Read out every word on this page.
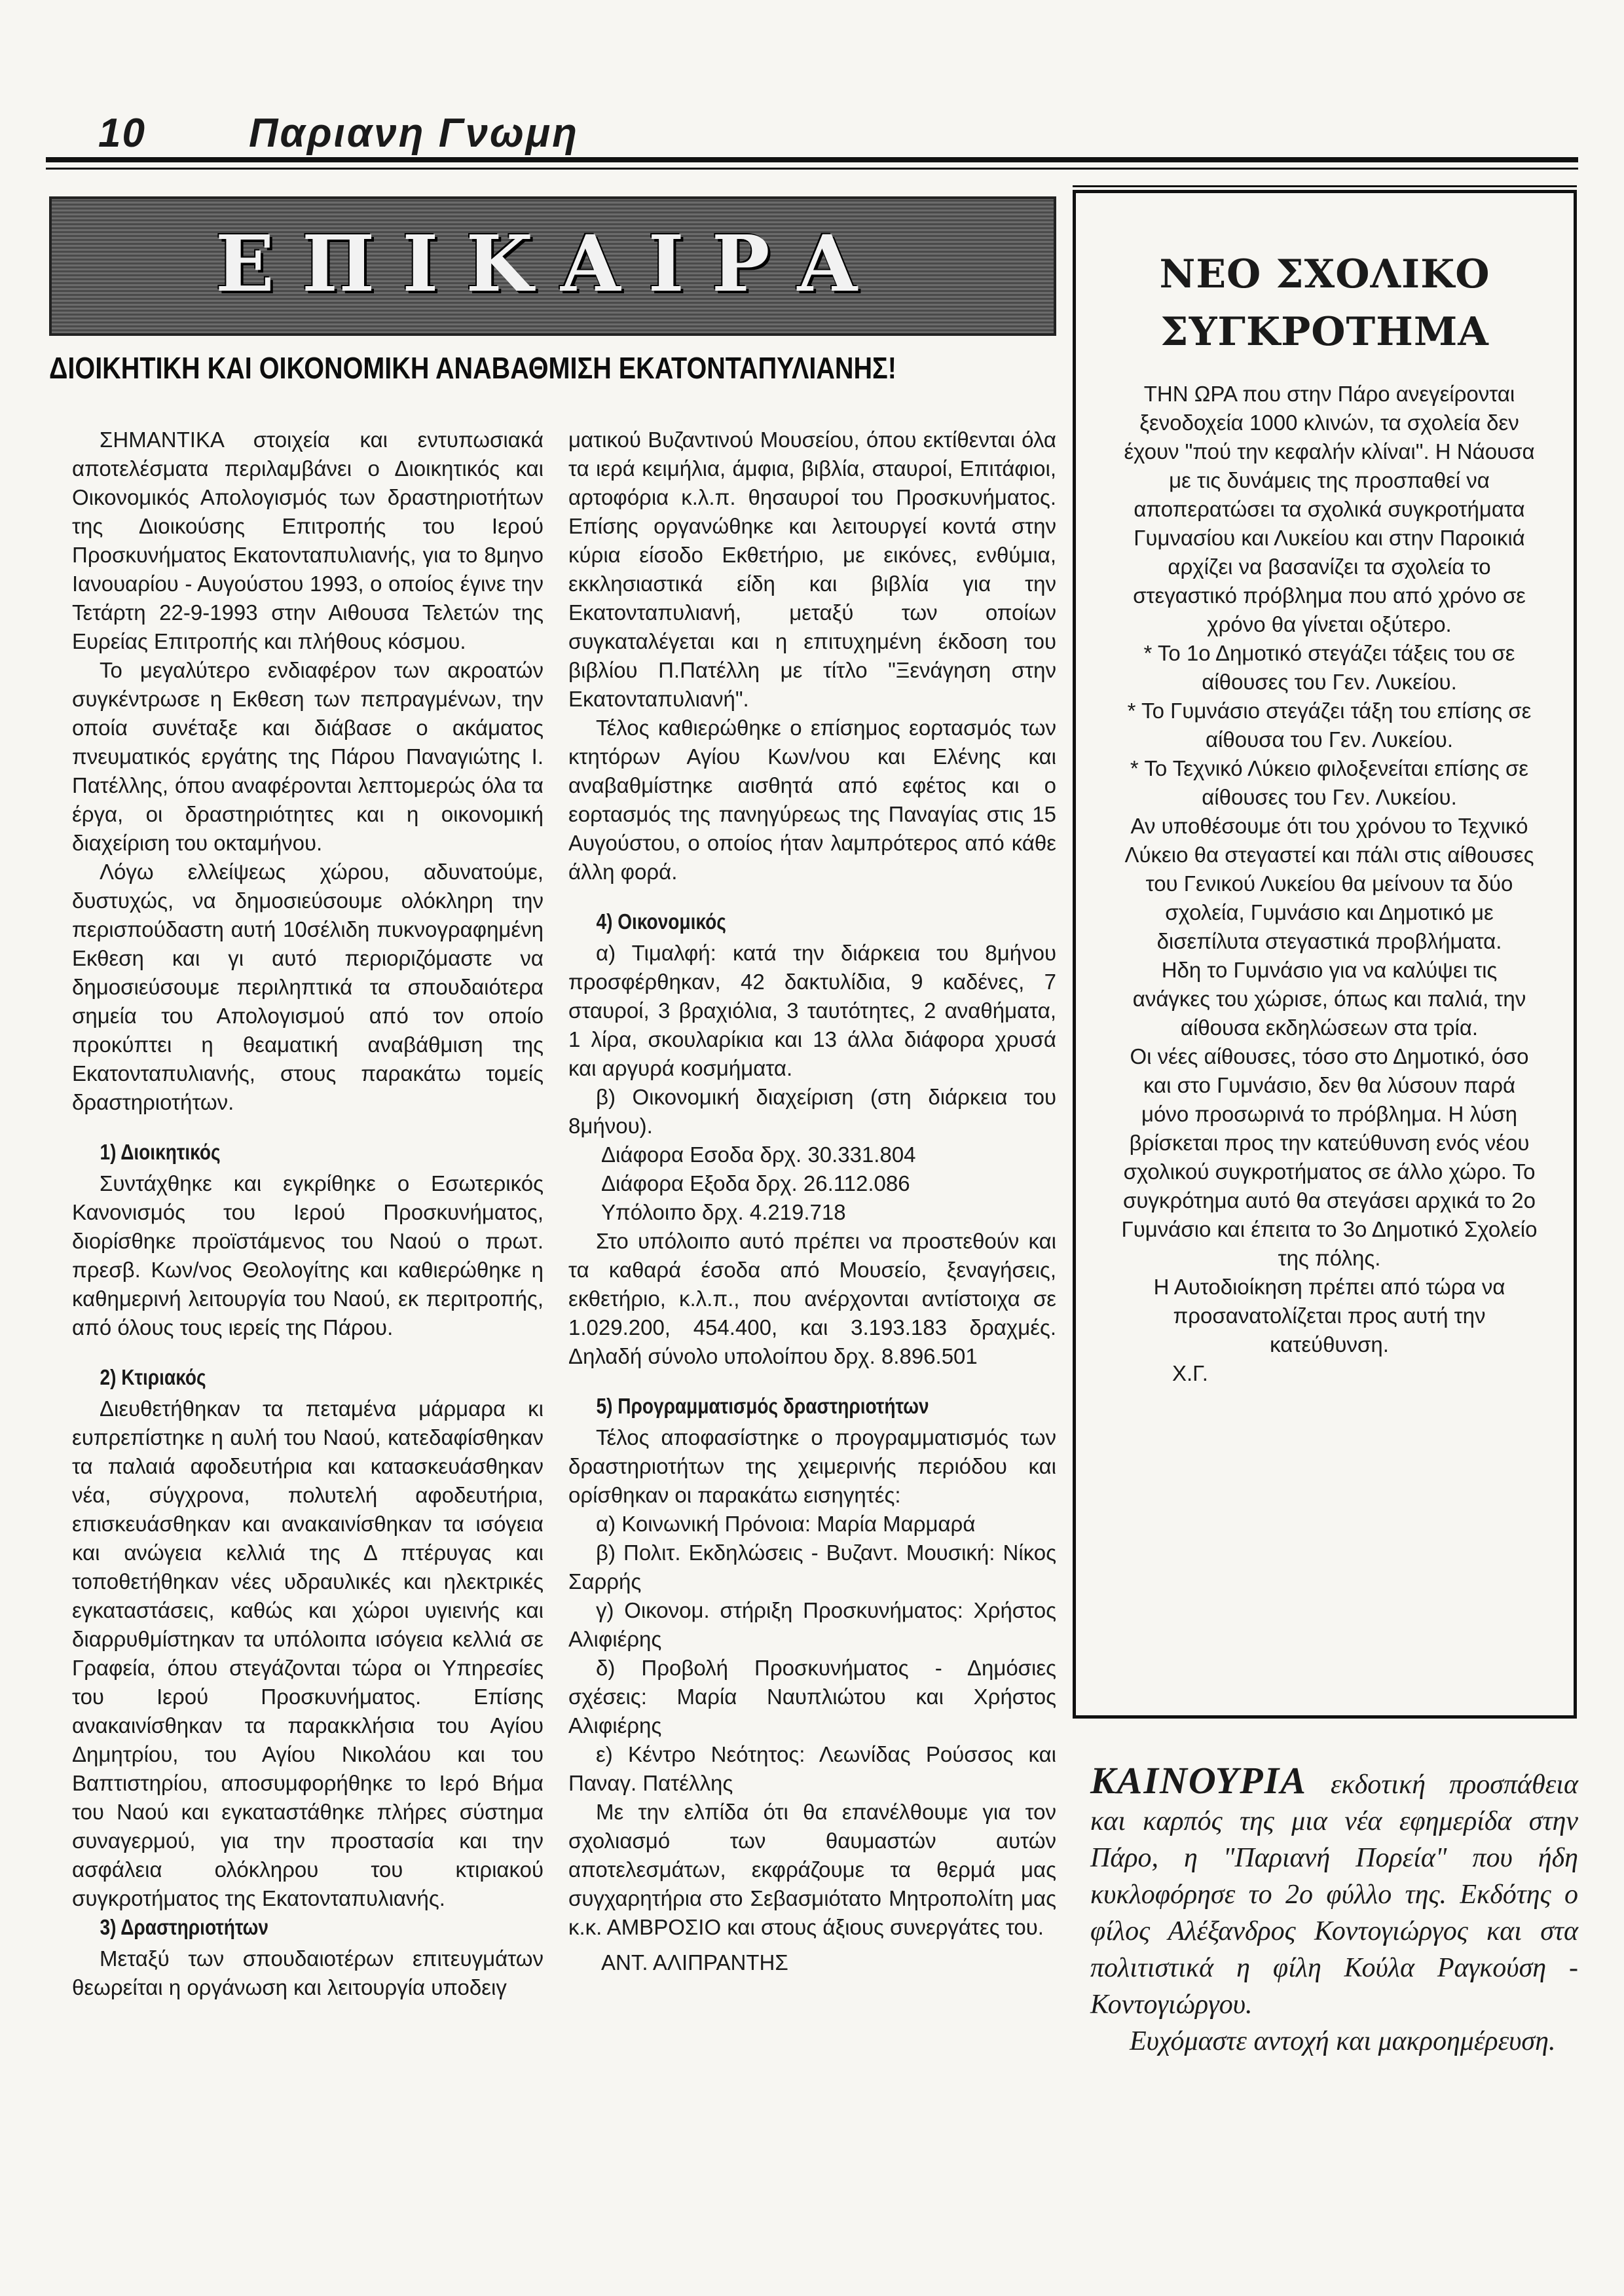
10	Παριανη Γνωμη
ΕΠΙΚΑΙΡΑ
ΔΙΟΙΚΗΤΙΚΗ ΚΑΙ ΟΙΚΟΝΟΜΙΚΗ ΑΝΑΒΑΘΜΙΣΗ ΕΚΑΤΟΝΤΑΠΥΛΙΑΝΗΣ!

ΣΗΜΑΝΤΙΚΑ στοιχεία και εντυπωσιακά αποτελέσματα περιλαμβάνει ο Διοικητικός και Οικονομικός Απολογισμός των δραστηριοτήτων της Διοικούσης Επιτροπής του Ιερού Προσκυνήματος Εκατονταπυλιανής, για το 8μηνο Ιανουαρίου - Αυγούστου 1993, ο οποίος έγινε την Τετάρτη 22-9-1993 στην Αιθουσα Τελετών της Ευρείας Επιτροπής και πλήθους κόσμου.

Το μεγαλύτερο ενδιαφέρον των ακροατών συγκέντρωσε η Εκθεση των πεπραγμένων, την οποία συνέταξε και διάβασε ο ακάματος πνευματικός εργάτης της Πάρου Παναγιώτης Ι. Πατέλλης, όπου αναφέρονται λεπτομερώς όλα τα έργα, οι δραστηριότητες και η οικονομική διαχείριση του οκταμήνου.

Λόγω ελλείψεως χώρου, αδυνατούμε, δυστυχώς, να δημοσιεύσουμε ολόκληρη την περισπούδαστη αυτή 10σέλιδη πυκνογραφημένη Εκθεση και γι αυτό περιοριζόμαστε να δημοσιεύσουμε περιληπτικά τα σπουδαιότερα σημεία του Απολογισμού από τον οποίο προκύπτει η θεαματική αναβάθμιση της Εκατονταπυλιανής, στους παρακάτω τομείς δραστηριοτήτων.

1) Διοικητικός

Συντάχθηκε και εγκρίθηκε ο Εσωτερικός Κανονισμός του Ιερού Προσκυνήματος, διορίσθηκε προϊστάμενος του Ναού ο πρωτ. πρεσβ. Κων/νος Θεολογίτης και καθιερώθηκε η καθημερινή λειτουργία του Ναού, εκ περιτροπής, από όλους τους ιερείς της Πάρου.

2) Κτιριακός

Διευθετήθηκαν τα πεταμένα μάρμαρα κι ευπρεπίστηκε η αυλή του Ναού, κατεδαφίσθηκαν τα παλαιά αφοδευτήρια και κατασκευάσθηκαν νέα, σύγχρονα, πολυτελή αφοδευτήρια, επισκευάσθηκαν και ανακαινίσθηκαν τα ισόγεια και ανώγεια κελλιά της Δ πτέρυγας και τοποθετήθηκαν νέες υδραυλικές και ηλεκτρικές εγκαταστάσεις, καθώς και χώροι υγιεινής και διαρρυθμίστηκαν τα υπόλοιπα ισόγεια κελλιά σε Γραφεία, όπου στεγάζονται τώρα οι Υπηρεσίες του Ιερού Προσκυνήματος. Επίσης ανακαινίσθηκαν τα παρακκλήσια του Αγίου Δημητρίου, του Αγίου Νικολάου και του Βαπτιστηρίου, αποσυμφορήθηκε το Ιερό Βήμα του Ναού και εγκαταστάθηκε πλήρες σύστημα συναγερμού, για την προστασία και την ασφάλεια ολόκληρου του κτιριακού συγκροτήματος της Εκατονταπυλιανής.

3) Δραστηριοτήτων

Μεταξύ των σπουδαιοτέρων επιτευγμάτων θεωρείται η οργάνωση και λειτουργία υποδειγ

ματικού Βυζαντινού Μουσείου, όπου εκτίθενται όλα τα ιερά κειμήλια, άμφια, βιβλία, σταυροί, Επιτάφιοι, αρτοφόρια κ.λ.π. θησαυροί του Προσκυνήματος. Επίσης οργανώθηκε και λειτουργεί κοντά στην κύρια είσοδο Εκθετήριο, με εικόνες, ενθύμια, εκκλησιαστικά είδη και βιβλία για την Εκατονταπυλιανή, μεταξύ των οποίων συγκαταλέγεται και η επιτυχημένη έκδοση του βιβλίου Π.Πατέλλη με τίτλο "Ξενάγηση στην Εκατονταπυλιανή".

Τέλος καθιερώθηκε ο επίσημος εορτασμός των κτητόρων Αγίου Κων/νου και Ελένης και αναβαθμίστηκε αισθητά από εφέτος και ο εορτασμός της πανηγύρεως της Παναγίας στις 15 Αυγούστου, ο οποίος ήταν λαμπρότερος από κάθε άλλη φορά.

4) Οικονομικός

α) Τιμαλφή: κατά την διάρκεια του 8μήνου προσφέρθηκαν, 42 δακτυλίδια, 9 καδένες, 7 σταυροί, 3 βραχιόλια, 3 ταυτότητες, 2 αναθήματα, 1 λίρα, σκουλαρίκια και 13 άλλα διάφορα χρυσά και αργυρά κοσμήματα.

β) Οικονομική διαχείριση (στη διάρκεια του 8μήνου).

Διάφορα Εσοδα δρχ. 30.331.804

Διάφορα Εξοδα δρχ. 26.112.086

Υπόλοιπο δρχ. 4.219.718

Στο υπόλοιπο αυτό πρέπει να προστεθούν και τα καθαρά έσοδα από Μουσείο, ξεναγήσεις, εκθετήριο, κ.λ.π., που ανέρχονται αντίστοιχα σε 1.029.200, 454.400, και 3.193.183 δραχμές. Δηλαδή σύνολο υπολοίπου δρχ. 8.896.501

5) Προγραμματισμός δραστηριοτήτων

Τέλος αποφασίστηκε ο προγραμματισμός των δραστηριοτήτων της χειμερινής περιόδου και ορίσθηκαν οι παρακάτω εισηγητές:

α) Κοινωνική Πρόνοια: Μαρία Μαρμαρά

β) Πολιτ. Εκδηλώσεις - Βυζαντ. Μουσική: Νίκος Σαρρής

γ) Οικονομ. στήριξη Προσκυνήματος: Χρήστος Αλιφιέρης

δ) Προβολή Προσκυνήματος - Δημόσιες σχέσεις: Μαρία Ναυπλιώτου και Χρήστος Αλιφιέρης

ε) Κέντρο Νεότητος: Λεωνίδας Ρούσσος και Παναγ. Πατέλλης

Με την ελπίδα ότι θα επανέλθουμε για τον σχολιασμό των θαυμαστών αυτών αποτελεσμάτων, εκφράζουμε τα θερμά μας συγχαρητήρια στο Σεβασμιότατο Μητροπολίτη μας κ.κ. ΑΜΒΡΟΣΙΟ και στους άξιους συνεργάτες του.

ΑΝΤ. ΑΛΙΠΡΑΝΤΗΣ

ΝΕΟ ΣΧΟΛΙΚΟ
ΣΥΓΚΡΟΤΗΜΑ

ΤΗΝ ΩΡΑ που στην Πάρο ανεγείρονται ξενοδοχεία 1000 κλινών, τα σχολεία δεν έχουν "πού την κεφαλήν κλίναι". Η Νάουσα με τις δυνάμεις της προσπαθεί να αποπερατώσει τα σχολικά συγκροτήματα Γυμνασίου και Λυκείου και στην Παροικιά αρχίζει να βασανίζει τα σχολεία το στεγαστικό πρόβλημα που από χρόνο σε χρόνο θα γίνεται οξύτερο.

* Το 1ο Δημοτικό στεγάζει τάξεις του σε αίθουσες του Γεν. Λυκείου.

* Το Γυμνάσιο στεγάζει τάξη του επίσης σε αίθουσα του Γεν. Λυκείου.

* Το Τεχνικό Λύκειο φιλοξενείται επίσης σε αίθουσες του Γεν. Λυκείου.

Αν υποθέσουμε ότι του χρόνου το Τεχνικό Λύκειο θα στεγαστεί και πάλι στις αίθουσες του Γενικού Λυκείου θα μείνουν τα δύο σχολεία, Γυμνάσιο και Δημοτικό με δισεπίλυτα στεγαστικά προβλήματα.

Ηδη το Γυμνάσιο για να καλύψει τις ανάγκες του χώρισε, όπως και παλιά, την αίθουσα εκδηλώσεων στα τρία.

Οι νέες αίθουσες, τόσο στο Δημοτικό, όσο και στο Γυμνάσιο, δεν θα λύσουν παρά μόνο προσωρινά το πρόβλημα. Η λύση βρίσκεται προς την κατεύθυνση ενός νέου σχολικού συγκροτήματος σε άλλο χώρο. Το συγκρότημα αυτό θα στεγάσει αρχικά το 2ο Γυμνάσιο και έπειτα το 3ο Δημοτικό Σχολείο της πόλης.

Η Αυτοδιοίκηση πρέπει από τώρα να προσανατολίζεται προς αυτή την κατεύθυνση.

Χ.Γ.

ΚΑΙΝΟΥΡΙΑ εκδοτική προσπάθεια και καρπός της μια νέα εφημερίδα στην Πάρο, η "Παριανή Πορεία" που ήδη κυκλοφόρησε το 2ο φύλλο της. Εκδότης ο φίλος Αλέξανδρος Κοντογιώργος και στα πολιτιστικά η φίλη Κούλα Ραγκούση - Κοντογιώργου.

Ευχόμαστε αντοχή και μακροημέρευση.
